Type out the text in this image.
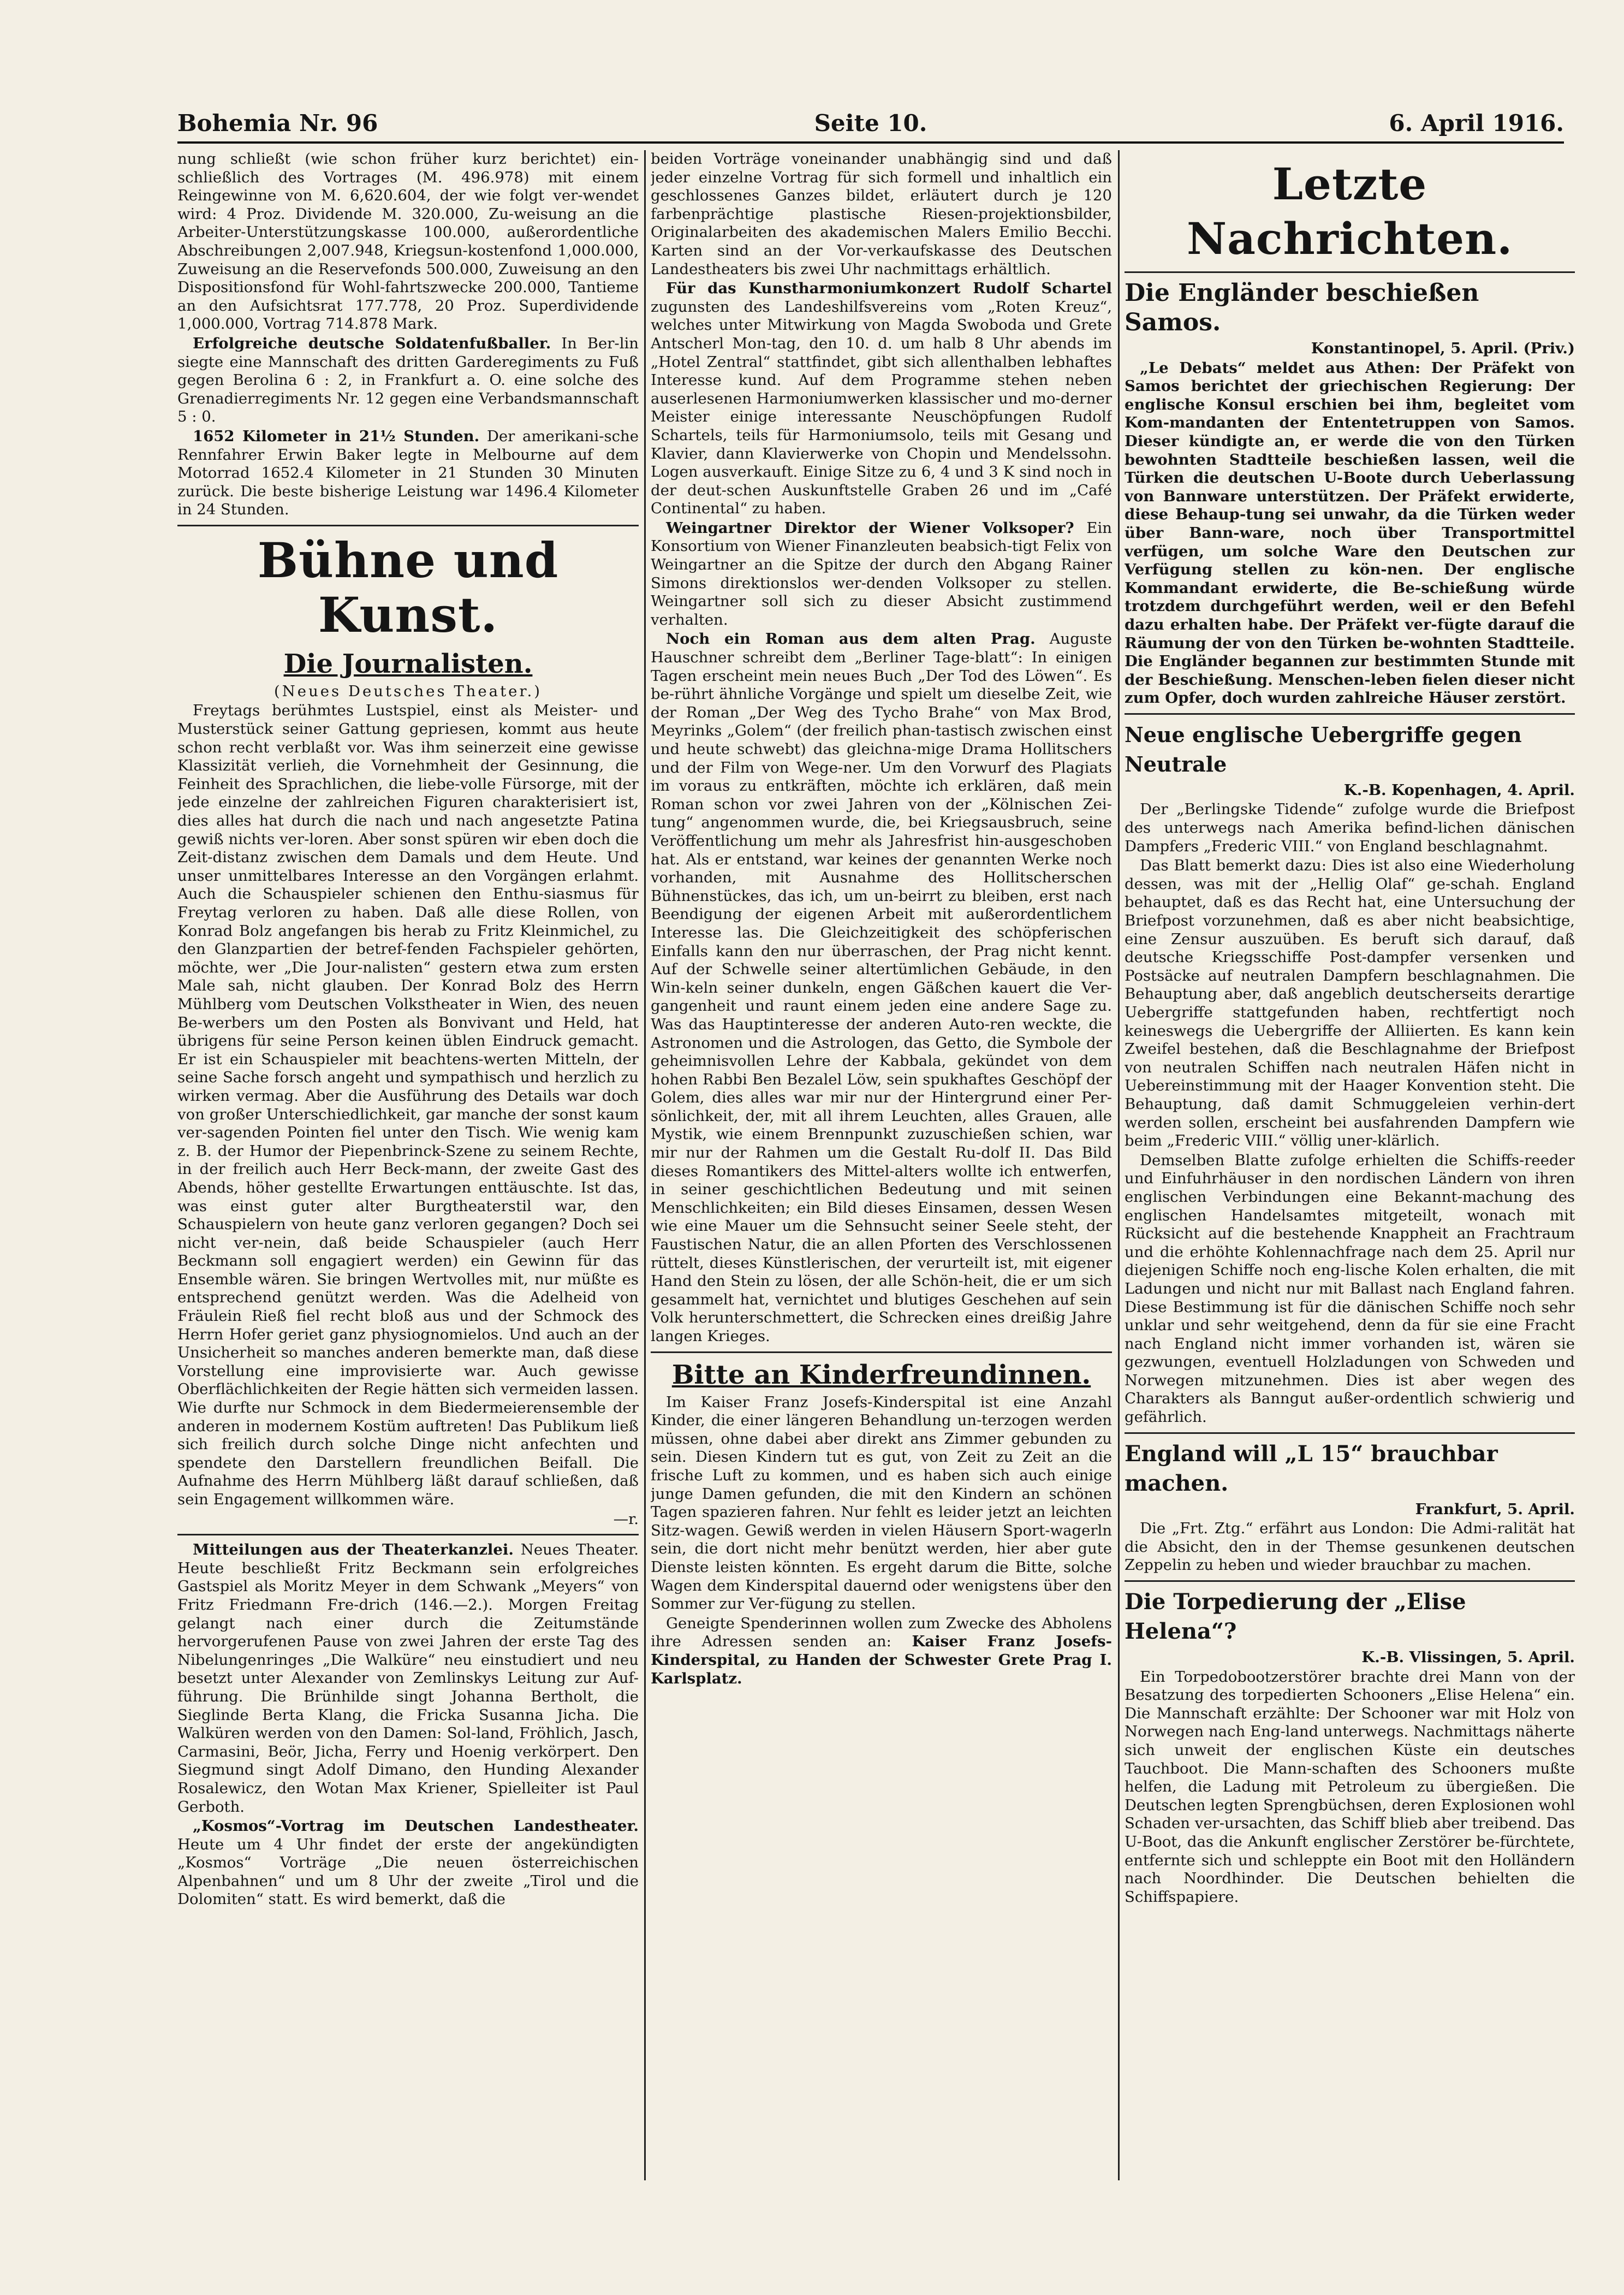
Bohemia Nr. 96	Seite 10.	6. April 1916.

nung schließt (wie schon früher kurz berichtet) ein-schließlich des Vortrages (M. 496.978) mit einem Reingewinne von M. 6,620.604, der wie folgt ver-wendet wird: 4 Proz. Dividende M. 320.000, Zu-weisung an die Arbeiter-Unterstützungskasse 100.000, außerordentliche Abschreibungen 2,007.948, Kriegsun-kostenfond 1,000.000, Zuweisung an die Reservefonds 500.000, Zuweisung an den Dispositionsfond für Wohl-fahrtszwecke 200.000, Tantieme an den Aufsichtsrat 177.778, 20 Proz. Superdividende 1,000.000, Vortrag 714.878 Mark.

Erfolgreiche deutsche Soldatenfußballer. In Ber-lin siegte eine Mannschaft des dritten Garderegiments zu Fuß gegen Berolina 6 : 2, in Frankfurt a. O. eine solche des Grenadierregiments Nr. 12 gegen eine Verbandsmannschaft 5 : 0.

1652 Kilometer in 21½ Stunden. Der amerikani-sche Rennfahrer Erwin Baker legte in Melbourne auf dem Motorrad 1652.4 Kilometer in 21 Stunden 30 Minuten zurück. Die beste bisherige Leistung war 1496.4 Kilometer in 24 Stunden.

Bühne und Kunst.
Die Journalisten.

(Neues Deutsches Theater.)

Freytags berühmtes Lustspiel, einst als Meister- und Musterstück seiner Gattung gepriesen, kommt aus heute schon recht verblaßt vor. Was ihm seinerzeit eine gewisse Klassizität verlieh, die Vornehmheit der Gesinnung, die Feinheit des Sprachlichen, die liebe-volle Fürsorge, mit der jede einzelne der zahlreichen Figuren charakterisiert ist, dies alles hat durch die nach und nach angesetzte Patina gewiß nichts ver-loren. Aber sonst spüren wir eben doch die Zeit-distanz zwischen dem Damals und dem Heute. Und unser unmittelbares Interesse an den Vorgängen erlahmt. Auch die Schauspieler schienen den Enthu-siasmus für Freytag verloren zu haben. Daß alle diese Rollen, von Konrad Bolz angefangen bis herab zu Fritz Kleinmichel, zu den Glanzpartien der betref-fenden Fachspieler gehörten, möchte, wer „Die Jour-nalisten“ gestern etwa zum ersten Male sah, nicht glauben. Der Konrad Bolz des Herrn Mühlberg vom Deutschen Volkstheater in Wien, des neuen Be-werbers um den Posten als Bonvivant und Held, hat übrigens für seine Person keinen üblen Eindruck gemacht. Er ist ein Schauspieler mit beachtens-werten Mitteln, der seine Sache forsch angeht und sympathisch und herzlich zu wirken vermag. Aber die Ausführung des Details war doch von großer Unterschiedlichkeit, gar manche der sonst kaum ver-sagenden Pointen fiel unter den Tisch. Wie wenig kam z. B. der Humor der Piepenbrinck-Szene zu seinem Rechte, in der freilich auch Herr Beck-mann, der zweite Gast des Abends, höher gestellte Erwartungen enttäuschte. Ist das, was einst guter alter Burgtheaterstil war, den Schauspielern von heute ganz verloren gegangen? Doch sei nicht ver-nein, daß beide Schauspieler (auch Herr Beckmann soll engagiert werden) ein Gewinn für das Ensemble wären. Sie bringen Wertvolles mit, nur müßte es entsprechend genützt werden. Was die Adelheid von Fräulein Rieß fiel recht bloß aus und der Schmock des Herrn Hofer geriet ganz physiognomielos. Und auch an der Unsicherheit so manches anderen bemerkte man, daß diese Vorstellung eine improvisierte war. Auch gewisse Oberflächlichkeiten der Regie hätten sich vermeiden lassen. Wie durfte nur Schmock in dem Biedermeierensemble der anderen in modernem Kostüm auftreten! Das Publikum ließ sich freilich durch solche Dinge nicht anfechten und spendete den Darstellern freundlichen Beifall. Die Aufnahme des Herrn Mühlberg läßt darauf schließen, daß sein Engagement willkommen wäre.

—r.

Mitteilungen aus der Theaterkanzlei. Neues Theater. Heute beschließt Fritz Beckmann sein erfolgreiches Gastspiel als Moritz Meyer in dem Schwank „Meyers“ von Fritz Friedmann Fre-drich (146.—2.). Morgen Freitag gelangt nach einer durch die Zeitumstände hervorgerufenen Pause von zwei Jahren der erste Tag des Nibelungenringes „Die Walküre“ neu einstudiert und neu besetzt unter Alexander von Zemlinskys Leitung zur Auf-führung. Die Brünhilde singt Johanna Bertholt, die Sieglinde Berta Klang, die Fricka Susanna Jicha. Die Walküren werden von den Damen: Sol-land, Fröhlich, Jasch, Carmasini, Beör, Jicha, Ferry und Hoenig verkörpert. Den Siegmund singt Adolf Dimano, den Hunding Alexander Rosalewicz, den Wotan Max Kriener, Spielleiter ist Paul Gerboth.

„Kosmos“-Vortrag im Deutschen Landestheater. Heute um 4 Uhr findet der erste der angekündigten „Kosmos“ Vorträge „Die neuen österreichischen Alpenbahnen“ und um 8 Uhr der zweite „Tirol und die Dolomiten“ statt. Es wird bemerkt, daß die

beiden Vorträge voneinander unabhängig sind und daß jeder einzelne Vortrag für sich formell und inhaltlich ein geschlossenes Ganzes bildet, erläutert durch je 120 farbenprächtige plastische Riesen-projektionsbilder, Originalarbeiten des akademischen Malers Emilio Becchi. Karten sind an der Vor-verkaufskasse des Deutschen Landestheaters bis zwei Uhr nachmittags erhältlich.

Für das Kunstharmoniumkonzert Rudolf Schartel zugunsten des Landeshilfsvereins vom „Roten Kreuz“, welches unter Mitwirkung von Magda Swoboda und Grete Antscherl Mon-tag, den 10. d. um halb 8 Uhr abends im „Hotel Zentral“ stattfindet, gibt sich allenthalben lebhaftes Interesse kund. Auf dem Programme stehen neben auserlesenen Harmoniumwerken klassischer und mo-derner Meister einige interessante Neuschöpfungen Rudolf Schartels, teils für Harmoniumsolo, teils mit Gesang und Klavier, dann Klavierwerke von Chopin und Mendelssohn. Logen ausverkauft. Einige Sitze zu 6, 4 und 3 K sind noch in der deut-schen Auskunftstelle Graben 26 und im „Café Continental“ zu haben.

Weingartner Direktor der Wiener Volksoper? Ein Konsortium von Wiener Finanzleuten beabsich-tigt Felix von Weingartner an die Spitze der durch den Abgang Rainer Simons direktionslos wer-denden Volksoper zu stellen. Weingartner soll sich zu dieser Absicht zustimmend verhalten.

Noch ein Roman aus dem alten Prag. Auguste Hauschner schreibt dem „Berliner Tage-blatt“: In einigen Tagen erscheint mein neues Buch „Der Tod des Löwen“. Es be-rührt ähnliche Vorgänge und spielt um dieselbe Zeit, wie der Roman „Der Weg des Tycho Brahe“ von Max Brod, Meyrinks „Golem“ (der freilich phan-tastisch zwischen einst und heute schwebt) das gleichna-mige Drama Hollitschers und der Film von Wege-ner. Um den Vorwurf des Plagiats im voraus zu entkräften, möchte ich erklären, daß mein Roman schon vor zwei Jahren von der „Kölnischen Zei-tung“ angenommen wurde, die, bei Kriegsausbruch, seine Veröffentlichung um mehr als Jahresfrist hin-ausgeschoben hat. Als er entstand, war keines der genannten Werke noch vorhanden, mit Ausnahme des Hollitscherschen Bühnenstückes, das ich, um un-beirrt zu bleiben, erst nach Beendigung der eigenen Arbeit mit außerordentlichem Interesse las. Die Gleichzeitigkeit des schöpferischen Einfalls kann den nur überraschen, der Prag nicht kennt. Auf der Schwelle seiner altertümlichen Gebäude, in den Win-keln seiner dunkeln, engen Gäßchen kauert die Ver-gangenheit und raunt einem jeden eine andere Sage zu. Was das Hauptinteresse der anderen Auto-ren weckte, die Astronomen und die Astrologen, das Getto, die Symbole der geheimnisvollen Lehre der Kabbala, gekündet von dem hohen Rabbi Ben Bezalel Löw, sein spukhaftes Geschöpf der Golem, dies alles war mir nur der Hintergrund einer Per-sönlichkeit, der, mit all ihrem Leuchten, alles Grauen, alle Mystik, wie einem Brennpunkt zuzuschießen schien, war mir nur der Rahmen um die Gestalt Ru-dolf II. Das Bild dieses Romantikers des Mittel-alters wollte ich entwerfen, in seiner geschichtlichen Bedeutung und mit seinen Menschlichkeiten; ein Bild dieses Einsamen, dessen Wesen wie eine Mauer um die Sehnsucht seiner Seele steht, der Faustischen Natur, die an allen Pforten des Verschlossenen rüttelt, dieses Künstlerischen, der verurteilt ist, mit eigener Hand den Stein zu lösen, der alle Schön-heit, die er um sich gesammelt hat, vernichtet und blutiges Geschehen auf sein Volk herunterschmettert, die Schrecken eines dreißig Jahre langen Krieges.

Bitte an Kinderfreundinnen.

Im Kaiser Franz Josefs-Kinderspital ist eine Anzahl Kinder, die einer längeren Behandlung un-terzogen werden müssen, ohne dabei aber direkt ans Zimmer gebunden zu sein. Diesen Kindern tut es gut, von Zeit zu Zeit an die frische Luft zu kommen, und es haben sich auch einige junge Damen gefunden, die mit den Kindern an schönen Tagen spazieren fahren. Nur fehlt es leider jetzt an leichten Sitz-wagen. Gewiß werden in vielen Häusern Sport-wagerln sein, die dort nicht mehr benützt werden, hier aber gute Dienste leisten könnten. Es ergeht darum die Bitte, solche Wagen dem Kinderspital dauernd oder wenigstens über den Sommer zur Ver-fügung zu stellen.

Geneigte Spenderinnen wollen zum Zwecke des Abholens ihre Adressen senden an: Kaiser Franz Josefs-Kinderspital, zu Handen der Schwester Grete Prag I. Karlsplatz.

Letzte Nachrichten.
Die Engländer beschießen Samos.

Konstantinopel, 5. April. (Priv.)

„Le Debats“ meldet aus Athen: Der Präfekt von Samos berichtet der griechischen Regierung: Der englische Konsul erschien bei ihm, begleitet vom Kom-mandanten der Ententetruppen von Samos. Dieser kündigte an, er werde die von den Türken bewohnten Stadtteile beschießen lassen, weil die Türken die deutschen U-Boote durch Ueberlassung von Bannware unterstützen. Der Präfekt erwiderte, diese Behaup-tung sei unwahr, da die Türken weder über Bann-ware, noch über Transportmittel verfügen, um solche Ware den Deutschen zur Verfügung stellen zu kön-nen. Der englische Kommandant erwiderte, die Be-schießung würde trotzdem durchgeführt werden, weil er den Befehl dazu erhalten habe. Der Präfekt ver-fügte darauf die Räumung der von den Türken be-wohnten Stadtteile. Die Engländer begannen zur bestimmten Stunde mit der Beschießung. Menschen-leben fielen dieser nicht zum Opfer, doch wurden zahlreiche Häuser zerstört.

Neue englische Uebergriffe gegen Neutrale

K.-B. Kopenhagen, 4. April.

Der „Berlingske Tidende“ zufolge wurde die Briefpost des unterwegs nach Amerika befind-lichen dänischen Dampfers „Frederic VIII.“ von England beschlagnahmt.

Das Blatt bemerkt dazu: Dies ist also eine Wiederholung dessen, was mit der „Hellig Olaf“ ge-schah. England behauptet, daß es das Recht hat, eine Untersuchung der Briefpost vorzunehmen, daß es aber nicht beabsichtige, eine Zensur auszuüben. Es beruft sich darauf, daß deutsche Kriegsschiffe Post-dampfer versenken und Postsäcke auf neutralen Dampfern beschlagnahmen. Die Behauptung aber, daß angeblich deutscherseits derartige Uebergriffe stattgefunden haben, rechtfertigt noch keineswegs die Uebergriffe der Alliierten. Es kann kein Zweifel bestehen, daß die Beschlagnahme der Briefpost von neutralen Schiffen nach neutralen Häfen nicht in Uebereinstimmung mit der Haager Konvention steht. Die Behauptung, daß damit Schmuggeleien verhin-dert werden sollen, erscheint bei ausfahrenden Dampfern wie beim „Frederic VIII.“ völlig uner-klärlich.

Demselben Blatte zufolge erhielten die Schiffs-reeder und Einfuhrhäuser in den nordischen Ländern von ihren englischen Verbindungen eine Bekannt-machung des englischen Handelsamtes mitgeteilt, wonach mit Rücksicht auf die bestehende Knappheit an Frachtraum und die erhöhte Kohlennachfrage nach dem 25. April nur diejenigen Schiffe noch eng-lische Kolen erhalten, die mit Ladungen und nicht nur mit Ballast nach England fahren. Diese Bestimmung ist für die dänischen Schiffe noch sehr unklar und sehr weitgehend, denn da für sie eine Fracht nach England nicht immer vorhanden ist, wären sie gezwungen, eventuell Holzladungen von Schweden und Norwegen mitzunehmen. Dies ist aber wegen des Charakters als Banngut außer-ordentlich schwierig und gefährlich.

England will „L 15“ brauchbar machen.

Frankfurt, 5. April.

Die „Frt. Ztg.“ erfährt aus London: Die Admi-ralität hat die Absicht, den in der Themse gesunkenen deutschen Zeppelin zu heben und wieder brauchbar zu machen.

Die Torpedierung der „Elise Helena“?

K.-B. Vlissingen, 5. April.

Ein Torpedobootzerstörer brachte drei Mann von der Besatzung des torpedierten Schooners „Elise Helena“ ein. Die Mannschaft erzählte: Der Schooner war mit Holz von Norwegen nach Eng-land unterwegs. Nachmittags näherte sich unweit der englischen Küste ein deutsches Tauchboot. Die Mann-schaften des Schooners mußte helfen, die Ladung mit Petroleum zu übergießen. Die Deutschen legten Sprengbüchsen, deren Explosionen wohl Schaden ver-ursachten, das Schiff blieb aber treibend. Das U-Boot, das die Ankunft englischer Zerstörer be-fürchtete, entfernte sich und schleppte ein Boot mit den Holländern nach Noordhinder. Die Deutschen behielten die Schiffspapiere.
